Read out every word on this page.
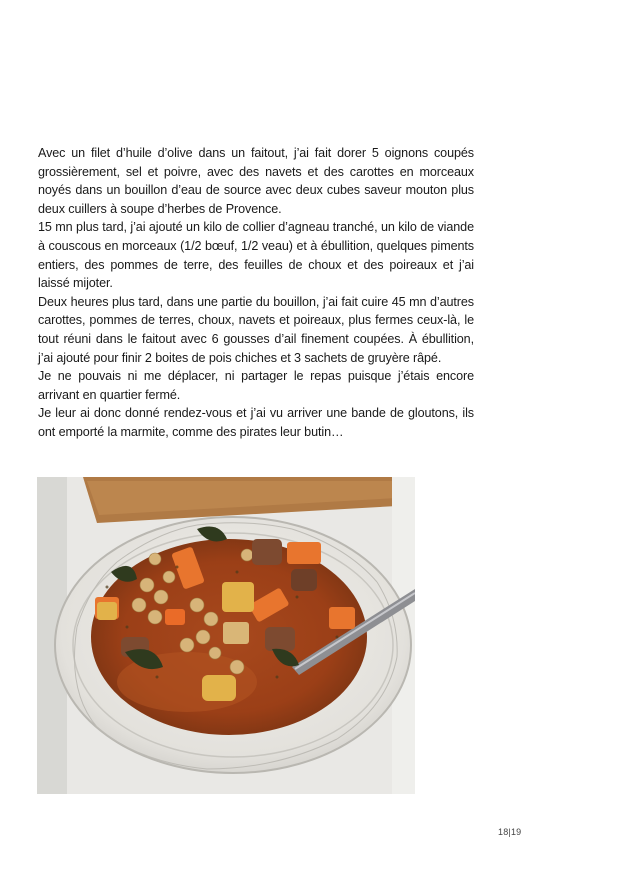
Avec un filet d’huile d’olive dans un faitout, j’ai fait dorer 5 oignons coupés grossièrement, sel et poivre, avec des navets et des carottes en morceaux noyés dans un bouillon d’eau de source avec deux cubes saveur mouton plus deux cuillers à soupe d’herbes de Provence.

15 mn plus tard, j’ai ajouté un kilo de collier d’agneau tranché, un kilo de viande à couscous en morceaux (1/2 bœuf, 1/2 veau) et à ébullition, quelques piments entiers, des pommes de terre, des feuilles de choux et des poireaux et j’ai laissé mijoter.

Deux heures plus tard, dans une partie du bouillon, j’ai fait cuire 45 mn d’autres carottes, pommes de terres, choux, navets et poireaux, plus fermes ceux-là, le tout réuni dans le faitout avec 6 gousses d’ail finement coupées. À ébullition, j’ai ajouté pour finir 2 boites de pois chiches et 3 sachets de gruyère râpé.

Je ne pouvais ni me déplacer, ni partager le repas puisque j’étais encore arrivant en quartier fermé.

Je leur ai donc donné rendez-vous et j’ai vu arriver une bande de gloutons, ils ont emporté la marmite, comme des pirates leur butin…

18|19
